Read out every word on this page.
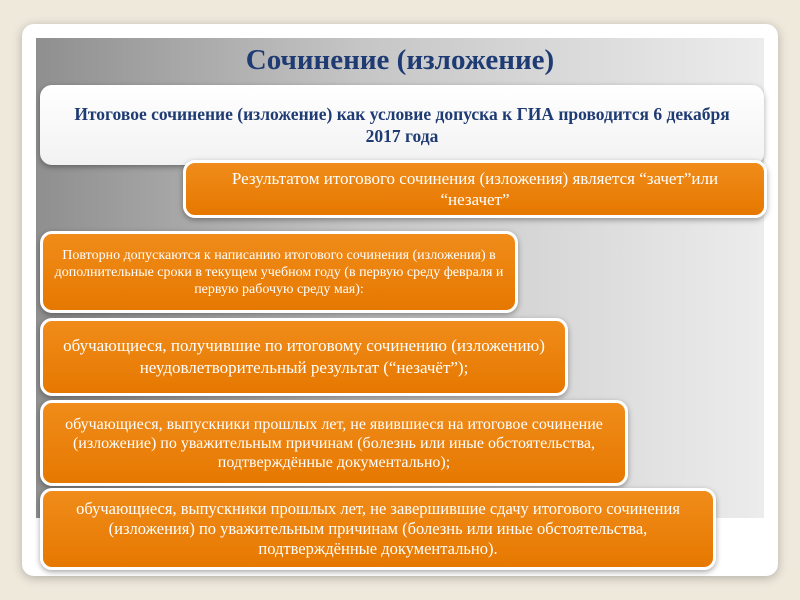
Сочинение (изложение)
Итоговое сочинение (изложение) как условие допуска к ГИА проводится 6 декабря 2017 года
Результатом итогового сочинения (изложения) является “зачет”или “незачет”
Повторно допускаются к написанию итогового сочинения (изложения) в дополнительные сроки в текущем учебном году (в первую среду февраля и первую рабочую среду мая):
обучающиеся, получившие по итоговому сочинению (изложению) неудовлетворительный результат (“незачёт”);
обучающиеся, выпускники прошлых лет, не явившиеся на итоговое сочинение (изложение) по уважительным причинам (болезнь или иные обстоятельства, подтверждённые документально);
обучающиеся, выпускники прошлых лет, не завершившие сдачу итогового сочинения (изложения) по уважительным причинам (болезнь или иные обстоятельства, подтверждённые документально).
